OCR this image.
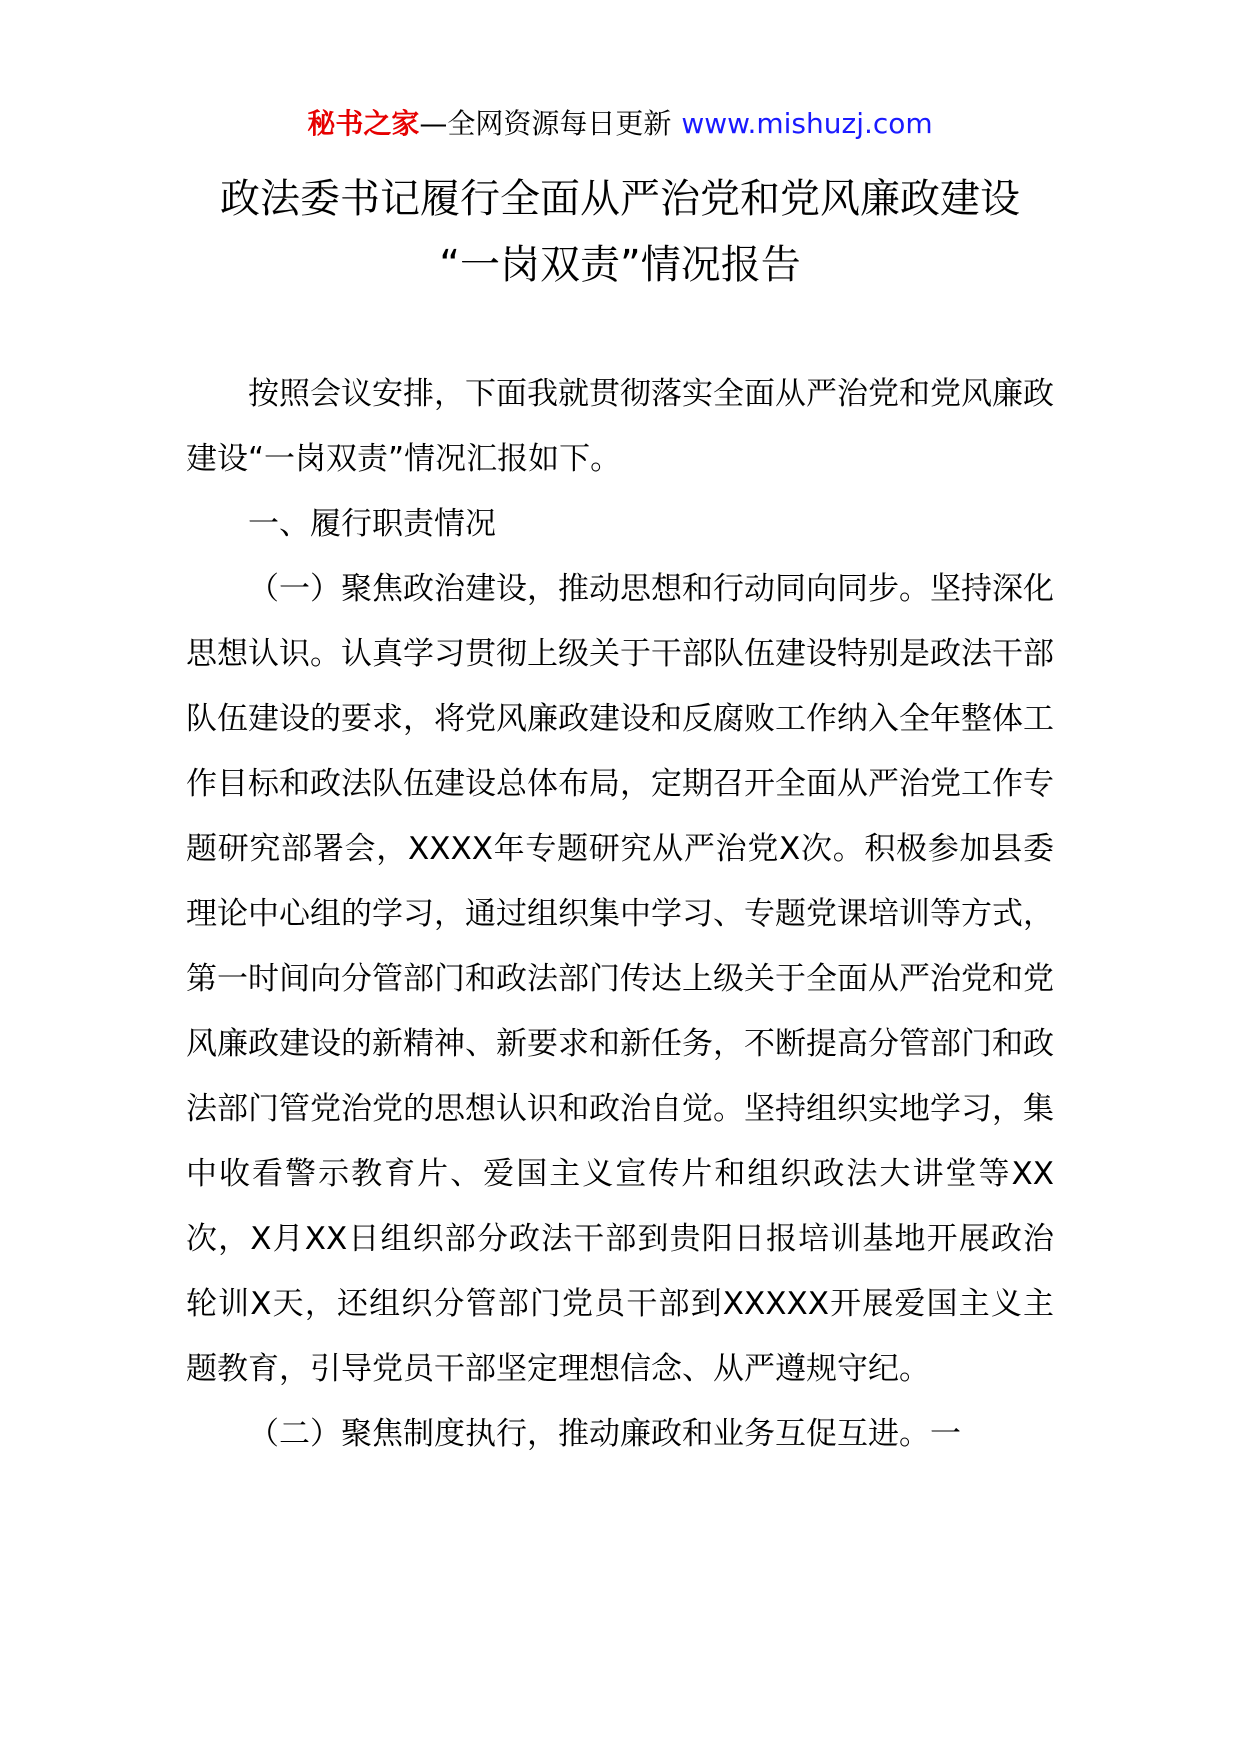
秘书之家—全网资源每日更新 www.mishuzj.com
政法委书记履行全面从严治党和党风廉政建设
“一岗双责”情况报告

按照会议安排，下面我就贯彻落实全面从严治党和党风廉政建设“一岗双责”情况汇报如下。

一、履行职责情况

（一）聚焦政治建设，推动思想和行动同向同步。坚持深化思想认识。认真学习贯彻上级关于干部队伍建设特别是政法干部队伍建设的要求，将党风廉政建设和反腐败工作纳入全年整体工作目标和政法队伍建设总体布局，定期召开全面从严治党工作专题研究部署会，XXXX年专题研究从严治党X次。积极参加县委理论中心组的学习，通过组织集中学习、专题党课培训等方式，第一时间向分管部门和政法部门传达上级关于全面从严治党和党风廉政建设的新精神、新要求和新任务，不断提高分管部门和政法部门管党治党的思想认识和政治自觉。坚持组织实地学习，集中收看警示教育片、爱国主义宣传片和组织政法大讲堂等XX次，X月XX日组织部分政法干部到贵阳日报培训基地开展政治轮训X天，还组织分管部门党员干部到XXXXX开展爱国主义主题教育，引导党员干部坚定理想信念、从严遵规守纪。

（二）聚焦制度执行，推动廉政和业务互促互进。一
